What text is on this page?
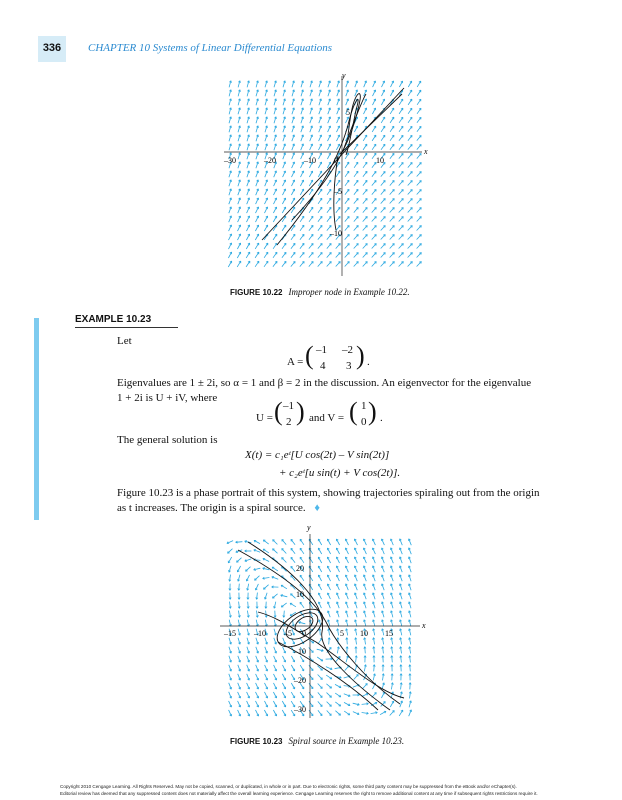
336	CHAPTER 10 Systems of Linear Differential Equations
x
y
–30	–20	–10 0	10
5
–5
–10
FIGURE 10.22 Improper node in Example 10.22.
EXAMPLE 10.23
Let
A = ( –1 –2
4 3 ) .
Eigenvalues are 1 ± 2i, so α = 1 and β = 2 in the discussion. An eigenvector for the eigenvalue
1 + 2i is U + iV, where
U = ( –1
2 ) and V = ( 1
0 ) .
The general solution is
X(t) = c₁eᵗ[U cos(2t) – V sin(2t)]
+ c₂eᵗ[u sin(t) + V cos(2t)].
Figure 10.23 is a phase portrait of this system, showing trajectories spiraling out from the origin
as t increases. The origin is a spiral source. ♦
x
y
–15 –10 –5 0	5 10 15
20
10
–10
–20
–30
FIGURE 10.23 Spiral source in Example 10.23.
Copyright 2010 Cengage Learning. All Rights Reserved. May not be copied, scanned, or duplicated, in whole or in part. Due to electronic rights, some third party content may be suppressed from the eBook and/or eChapter(s).
Editorial review has deemed that any suppressed content does not materially affect the overall learning experience. Cengage Learning reserves the right to remove additional content at any time if subsequent rights restrictions require it.
